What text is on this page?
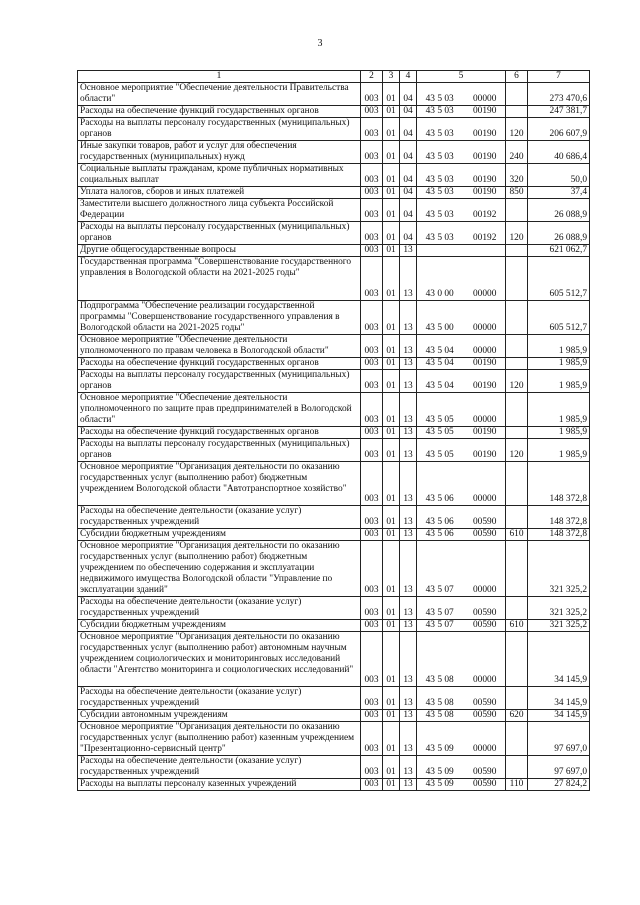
3
1	2	3	4	5	6	7
Основное мероприятие "Обеспечение деятельности Правительства области"	003	01	04	43 5 03 00000		273 470,6
Расходы на обеспечение функций государственных органов	003	01	04	43 5 03 00190		247 381,7
Расходы на выплаты персоналу государственных (муниципальных) органов	003	01	04	43 5 03 00190	120	206 607,9
Иные закупки товаров, работ и услуг для обеспечения государственных (муниципальных) нужд	003	01	04	43 5 03 00190	240	40 686,4
Социальные выплаты гражданам, кроме публичных нормативных социальных выплат	003	01	04	43 5 03 00190	320	50,0
Уплата налогов, сборов и иных платежей	003	01	04	43 5 03 00190	850	37,4
Заместители высшего должностного лица субъекта Российской Федерации	003	01	04	43 5 03 00192		26 088,9
Расходы на выплаты персоналу государственных (муниципальных) органов	003	01	04	43 5 03 00192	120	26 088,9
Другие общегосударственные вопросы	003	01	13			621 062,7
Государственная программа "Совершенствование государственного управления в Вологодской области на 2021-2025 годы"	003	01	13	43 0 00 00000		605 512,7
Подпрограмма "Обеспечение реализации государственной программы "Совершенствование государственного управления в Вологодской области на 2021-2025 годы"	003	01	13	43 5 00 00000		605 512,7
Основное мероприятие "Обеспечение деятельности уполномоченного по правам человека в Вологодской области"	003	01	13	43 5 04 00000		1 985,9
Расходы на обеспечение функций государственных органов	003	01	13	43 5 04 00190		1 985,9
Расходы на выплаты персоналу государственных (муниципальных) органов	003	01	13	43 5 04 00190	120	1 985,9
Основное мероприятие "Обеспечение деятельности уполномоченного по защите прав предпринимателей в Вологодской области"	003	01	13	43 5 05 00000		1 985,9
Расходы на обеспечение функций государственных органов	003	01	13	43 5 05 00190		1 985,9
Расходы на выплаты персоналу государственных (муниципальных) органов	003	01	13	43 5 05 00190	120	1 985,9
Основное мероприятие "Организация деятельности по оказанию государственных услуг (выполнению работ) бюджетным учреждением Вологодской области "Автотранспортное хозяйство"	003	01	13	43 5 06 00000		148 372,8
Расходы на обеспечение деятельности (оказание услуг) государственных учреждений	003	01	13	43 5 06 00590		148 372,8
Субсидии бюджетным учреждениям	003	01	13	43 5 06 00590	610	148 372,8
Основное мероприятие "Организация деятельности по оказанию государственных услуг (выполнению работ) бюджетным учреждением по обеспечению содержания и эксплуатации недвижимого имущества Вологодской области "Управление по эксплуатации зданий"	003	01	13	43 5 07 00000		321 325,2
Расходы на обеспечение деятельности (оказание услуг) государственных учреждений	003	01	13	43 5 07 00590		321 325,2
Субсидии бюджетным учреждениям	003	01	13	43 5 07 00590	610	321 325,2
Основное мероприятие "Организация деятельности по оказанию государственных услуг (выполнению работ) автономным научным учреждением социологических и мониторинговых исследований области "Агентство мониторинга и социологических исследований"	003	01	13	43 5 08 00000		34 145,9
Расходы на обеспечение деятельности (оказание услуг) государственных учреждений	003	01	13	43 5 08 00590		34 145,9
Субсидии автономным учреждениям	003	01	13	43 5 08 00590	620	34 145,9
Основное мероприятие "Организация деятельности по оказанию государственных услуг (выполнению работ) казенным учреждением "Презентационно-сервисный центр"	003	01	13	43 5 09 00000		97 697,0
Расходы на обеспечение деятельности (оказание услуг) государственных учреждений	003	01	13	43 5 09 00590		97 697,0
Расходы на выплаты персоналу казенных учреждений	003	01	13	43 5 09 00590	110	27 824,2
